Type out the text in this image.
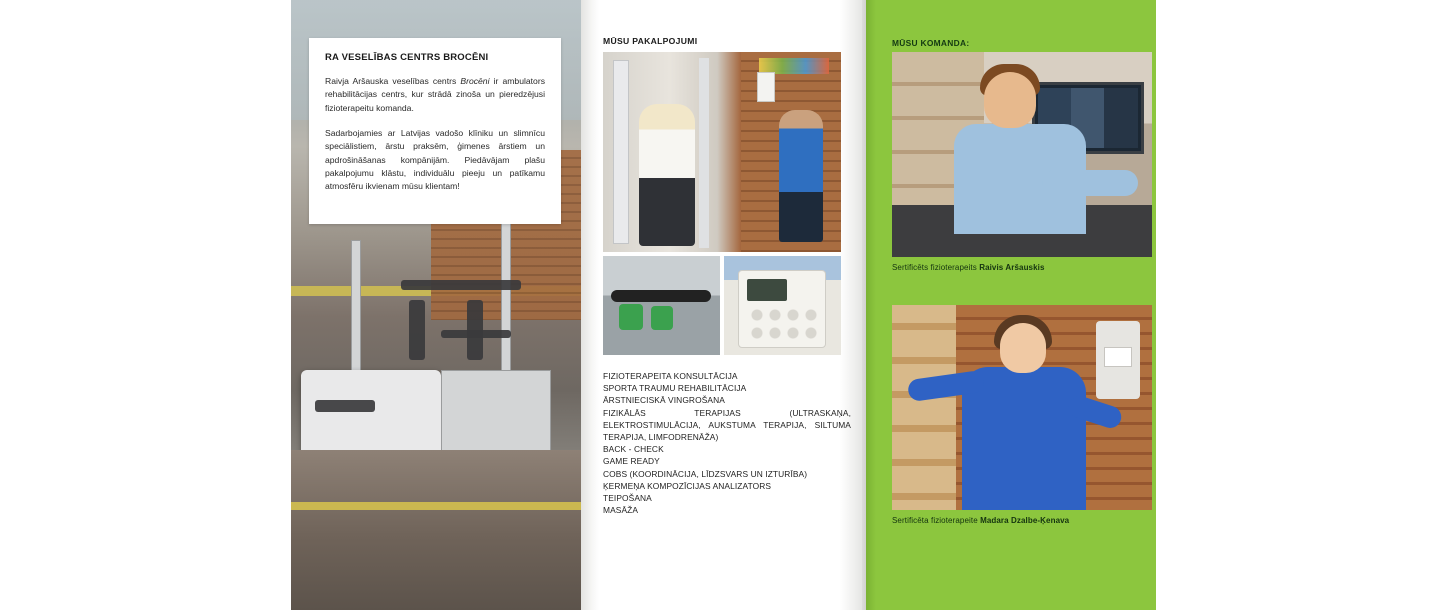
RA VESELĪBAS CENTRS BROCĒNI

Raivja Aršauska veselības centrs Brocēni ir ambulators rehabilitācijas centrs, kur strādā zinoša un pieredzējusi fizioterapeitu komanda.

Sadarbojamies ar Latvijas vadošo klīniku un slimnīcu speciālistiem, ārstu praksēm, ģimenes ārstiem un apdrošināšanas kompānijām. Piedāvājam plašu pakalpojumu klāstu, individuālu pieeju un patīkamu atmosfēru ikvienam mūsu klientam!

MŪSU PAKALPOJUMI
FIZIOTERAPEITA KONSULTĀCIJA
SPORTA TRAUMU REHABILITĀCIJA
ĀRSTNIECISKĀ VINGROŠANA
FIZIKĀLĀS TERAPIJAS (ULTRASKAŅA, ELEKTROSTIMULĀCIJA, AUKSTUMA TERAPIJA, SILTUMA TERAPIJA, LIMFODRENĀŽA)
BACK - CHECK
GAME READY
COBS (KOORDINĀCIJA, LĪDZSVARS UN IZTURĪBA)
ĶERMEŅA KOMPOZĪCIJAS ANALIZATORS
TEIPOŠANA
MASĀŽA
MŪSU KOMANDA:
Sertificēts fizioterapeits Raivis Aršauskis
Sertificēta fizioterapeite Madara Dzalbe-Ķenava
